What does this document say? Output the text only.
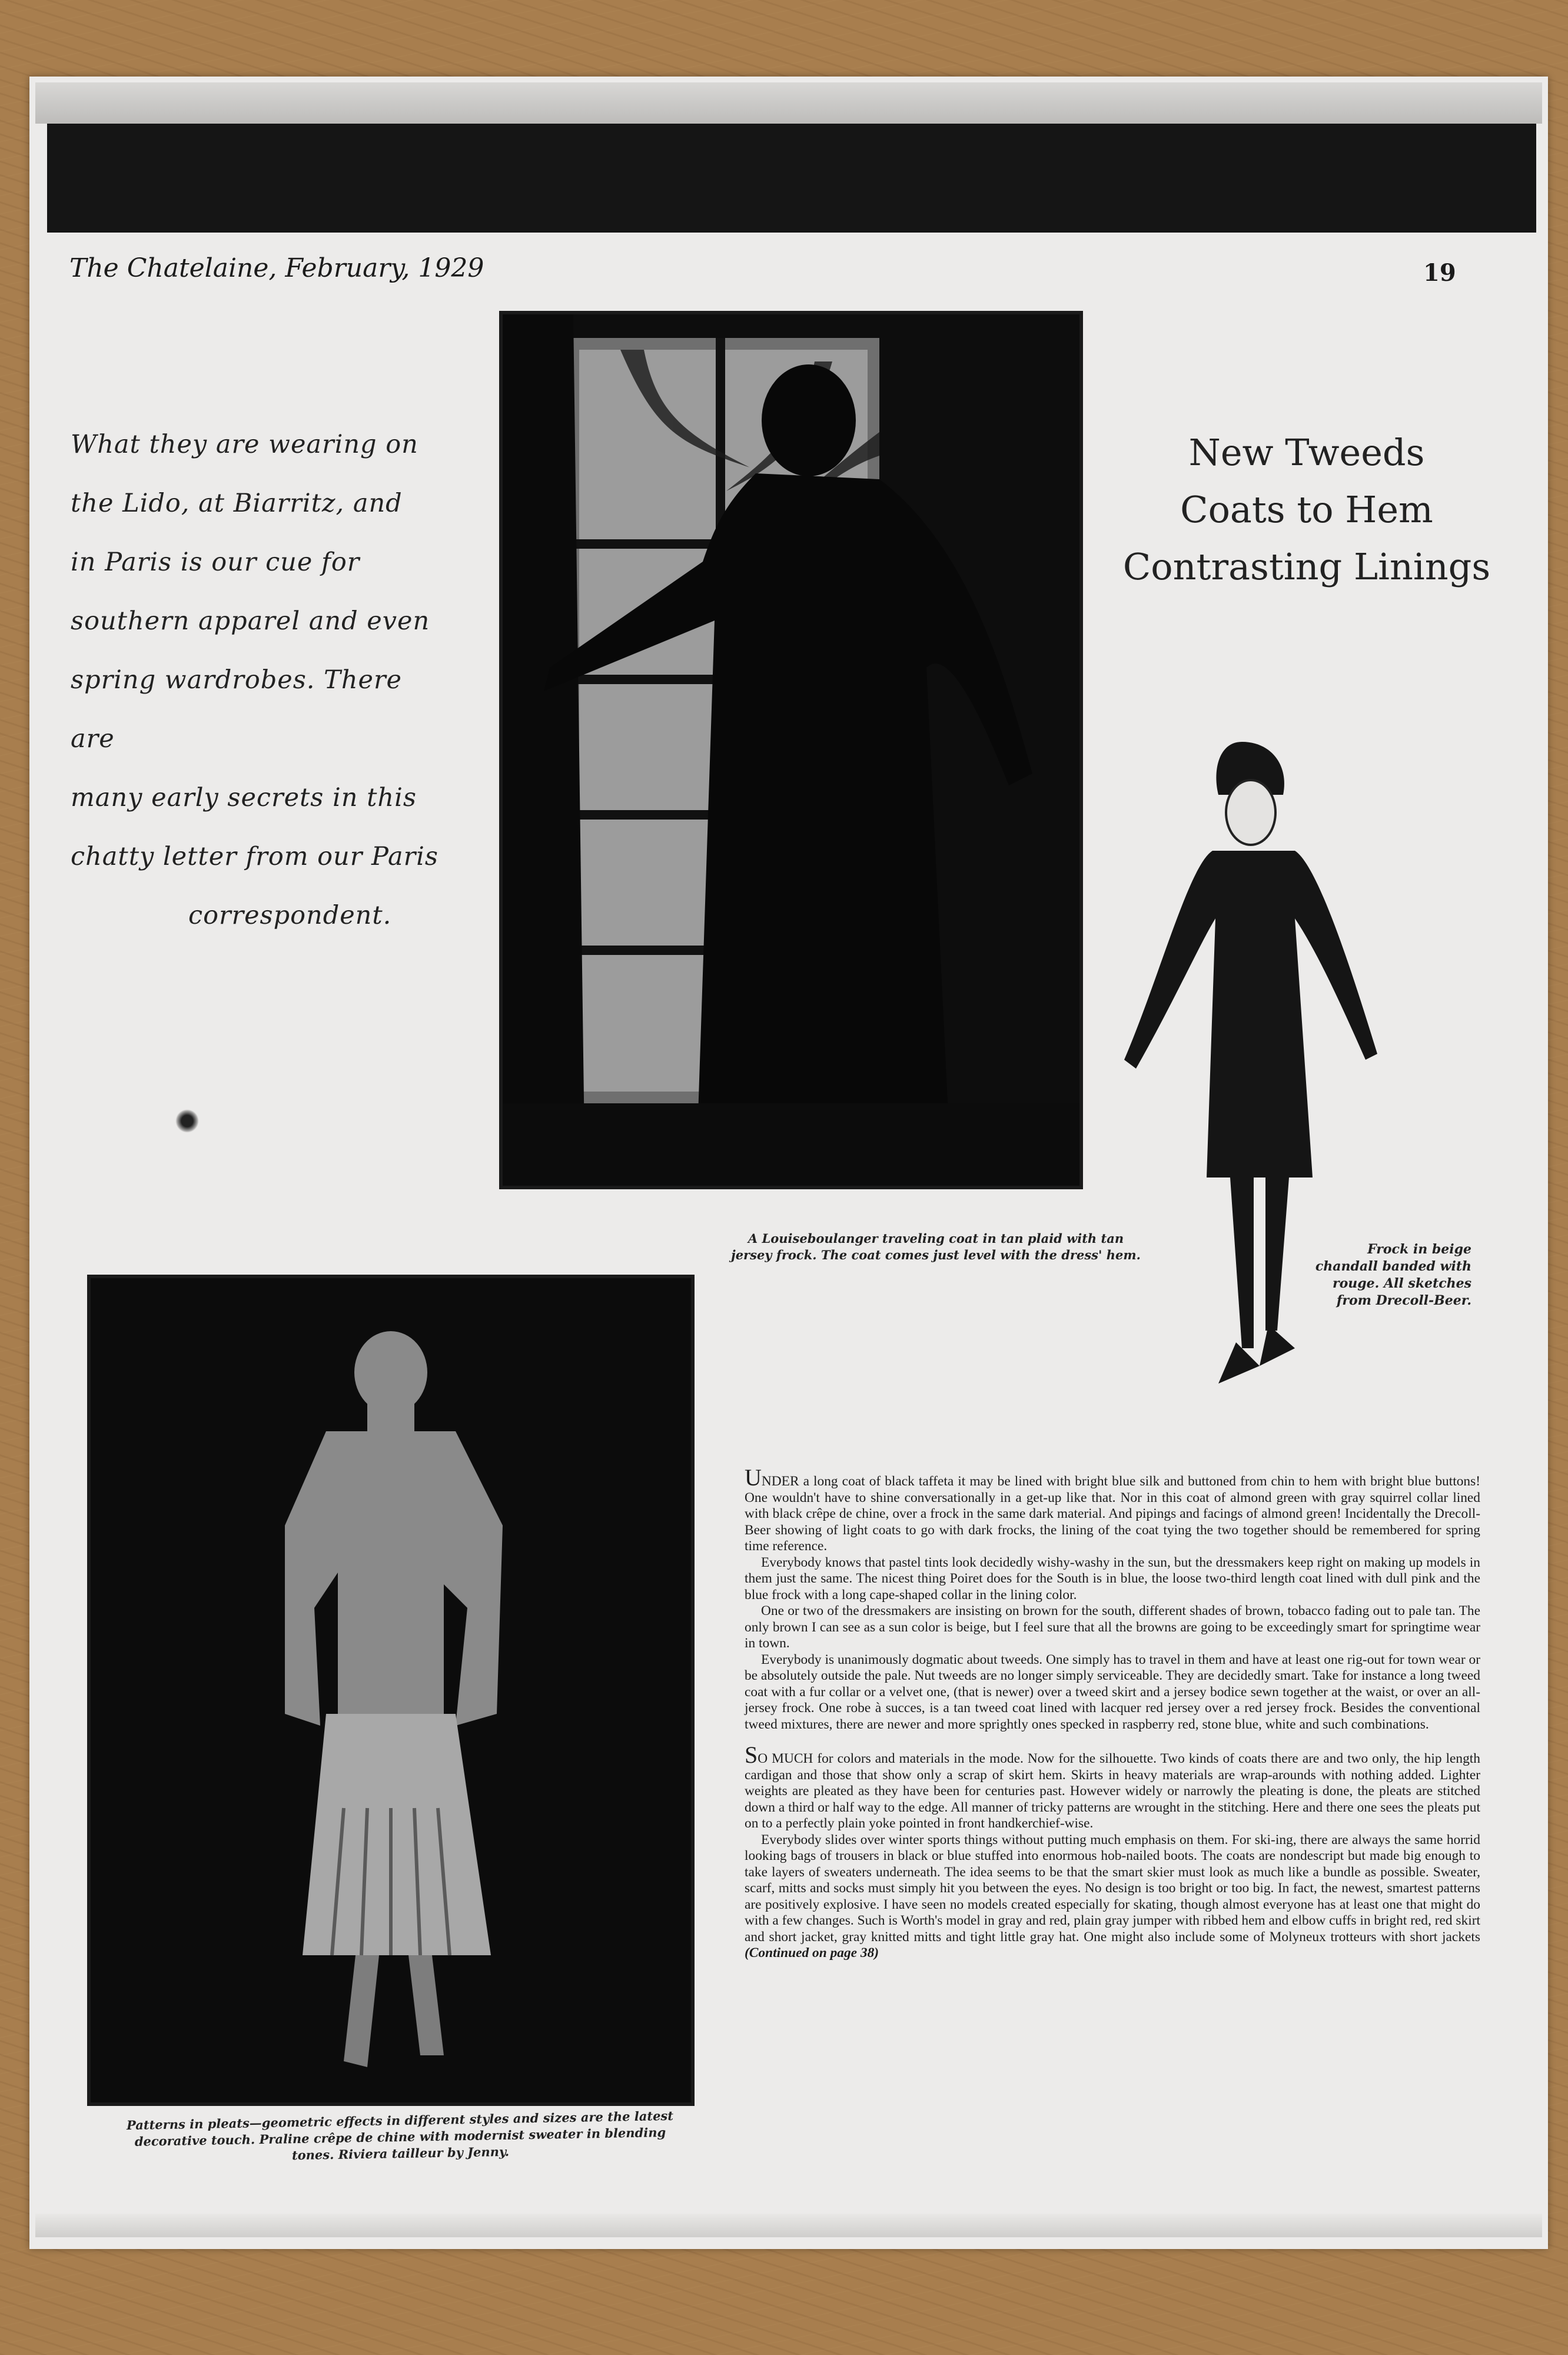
The Chatelaine, February, 1929	19

What they are wearing on

the Lido, at Biarritz, and

in Paris is our cue for

southern apparel and even

spring wardrobes. There are

many early secrets in this

chatty letter from our Paris

correspondent.

New Tweeds
Coats to Hem
Contrasting Linings
A Louiseboulanger traveling coat in tan plaid with tan jersey frock. The coat comes just level with the dress' hem.	Frock in beige chandall banded with rouge. All sketches from Drecoll-Beer.
Patterns in pleats—geometric effects in different styles and sizes are the latest decorative touch. Praline crêpe de chine with modernist sweater in blending tones. Riviera tailleur by Jenny.

UNDER a long coat of black taffeta it may be lined with bright blue silk and buttoned from chin to hem with bright blue buttons! One wouldn't have to shine conversationally in a get-up like that. Nor in this coat of almond green with gray squirrel collar lined with black crêpe de chine, over a frock in the same dark material. And pipings and facings of almond green! Incidentally the Drecoll-Beer showing of light coats to go with dark frocks, the lining of the coat tying the two together should be remembered for spring time reference.

Everybody knows that pastel tints look decidedly wishy-washy in the sun, but the dressmakers keep right on making up models in them just the same. The nicest thing Poiret does for the South is in blue, the loose two-third length coat lined with dull pink and the blue frock with a long cape-shaped collar in the lining color.

One or two of the dressmakers are insisting on brown for the south, different shades of brown, tobacco fading out to pale tan. The only brown I can see as a sun color is beige, but I feel sure that all the browns are going to be exceedingly smart for springtime wear in town.

Everybody is unanimously dogmatic about tweeds. One simply has to travel in them and have at least one rig-out for town wear or be absolutely outside the pale. Nut tweeds are no longer simply serviceable. They are decidedly smart. Take for instance a long tweed coat with a fur collar or a velvet one, (that is newer) over a tweed skirt and a jersey bodice sewn together at the waist, or over an all-jersey frock. One robe à succes, is a tan tweed coat lined with lacquer red jersey over a red jersey frock. Besides the conventional tweed mixtures, there are newer and more sprightly ones specked in raspberry red, stone blue, white and such combinations.

SO MUCH for colors and materials in the mode. Now for the silhouette. Two kinds of coats there are and two only, the hip length cardigan and those that show only a scrap of skirt hem. Skirts in heavy materials are wrap-arounds with nothing added. Lighter weights are pleated as they have been for centuries past. However widely or narrowly the pleating is done, the pleats are stitched down a third or half way to the edge. All manner of tricky patterns are wrought in the stitching. Here and there one sees the pleats put on to a perfectly plain yoke pointed in front handkerchief-wise.

Everybody slides over winter sports things without putting much emphasis on them. For ski-ing, there are always the same horrid looking bags of trousers in black or blue stuffed into enormous hob-nailed boots. The coats are nondescript but made big enough to take layers of sweaters underneath. The idea seems to be that the smart skier must look as much like a bundle as possible. Sweater, scarf, mitts and socks must simply hit you between the eyes. No design is too bright or too big. In fact, the newest, smartest patterns are positively explosive. I have seen no models created especially for skating, though almost everyone has at least one that might do with a few changes. Such is Worth's model in gray and red, plain gray jumper with ribbed hem and elbow cuffs in bright red, red skirt and short jacket, gray knitted mitts and tight little gray hat. One might also include some of Molyneux trotteurs with short jackets (Continued on page 38)
